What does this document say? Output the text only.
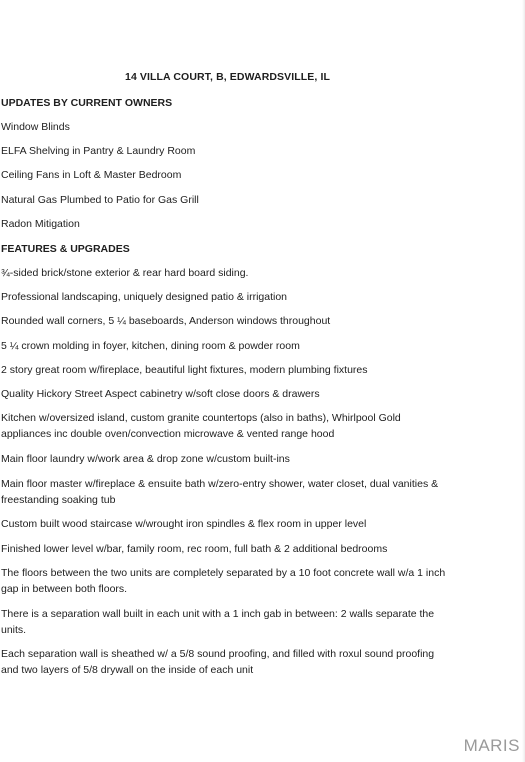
14 VILLA COURT, B, EDWARDSVILLE, IL
UPDATES BY CURRENT OWNERS
Window Blinds
ELFA Shelving in Pantry & Laundry Room
Ceiling Fans in Loft & Master Bedroom
Natural Gas Plumbed to Patio for Gas Grill
Radon Mitigation
FEATURES & UPGRADES
¾-sided brick/stone exterior & rear hard board siding.
Professional landscaping, uniquely designed patio & irrigation
Rounded wall corners, 5 ¼ baseboards, Anderson windows throughout
5 ¼ crown molding in foyer, kitchen, dining room & powder room
2 story great room w/fireplace, beautiful light fixtures, modern plumbing fixtures
Quality Hickory Street Aspect cabinetry w/soft close doors & drawers
Kitchen w/oversized island, custom granite countertops (also in baths), Whirlpool Gold appliances inc double oven/convection microwave & vented range hood
Main floor laundry w/work area & drop zone w/custom built-ins
Main floor master w/fireplace & ensuite bath w/zero-entry shower, water closet, dual vanities & freestanding soaking tub
Custom built wood staircase w/wrought iron spindles & flex room in upper level
Finished lower level w/bar, family room, rec room, full bath & 2 additional bedrooms
The floors between the two units are completely separated by a 10 foot concrete wall w/a 1 inch gap in between both floors.
There is a separation wall built in each unit with a 1 inch gab in between: 2 walls separate the units.
Each separation wall is sheathed w/ a 5/8 sound proofing, and filled with roxul sound proofing and two layers of 5/8 drywall on the inside of each unit
MARIS
